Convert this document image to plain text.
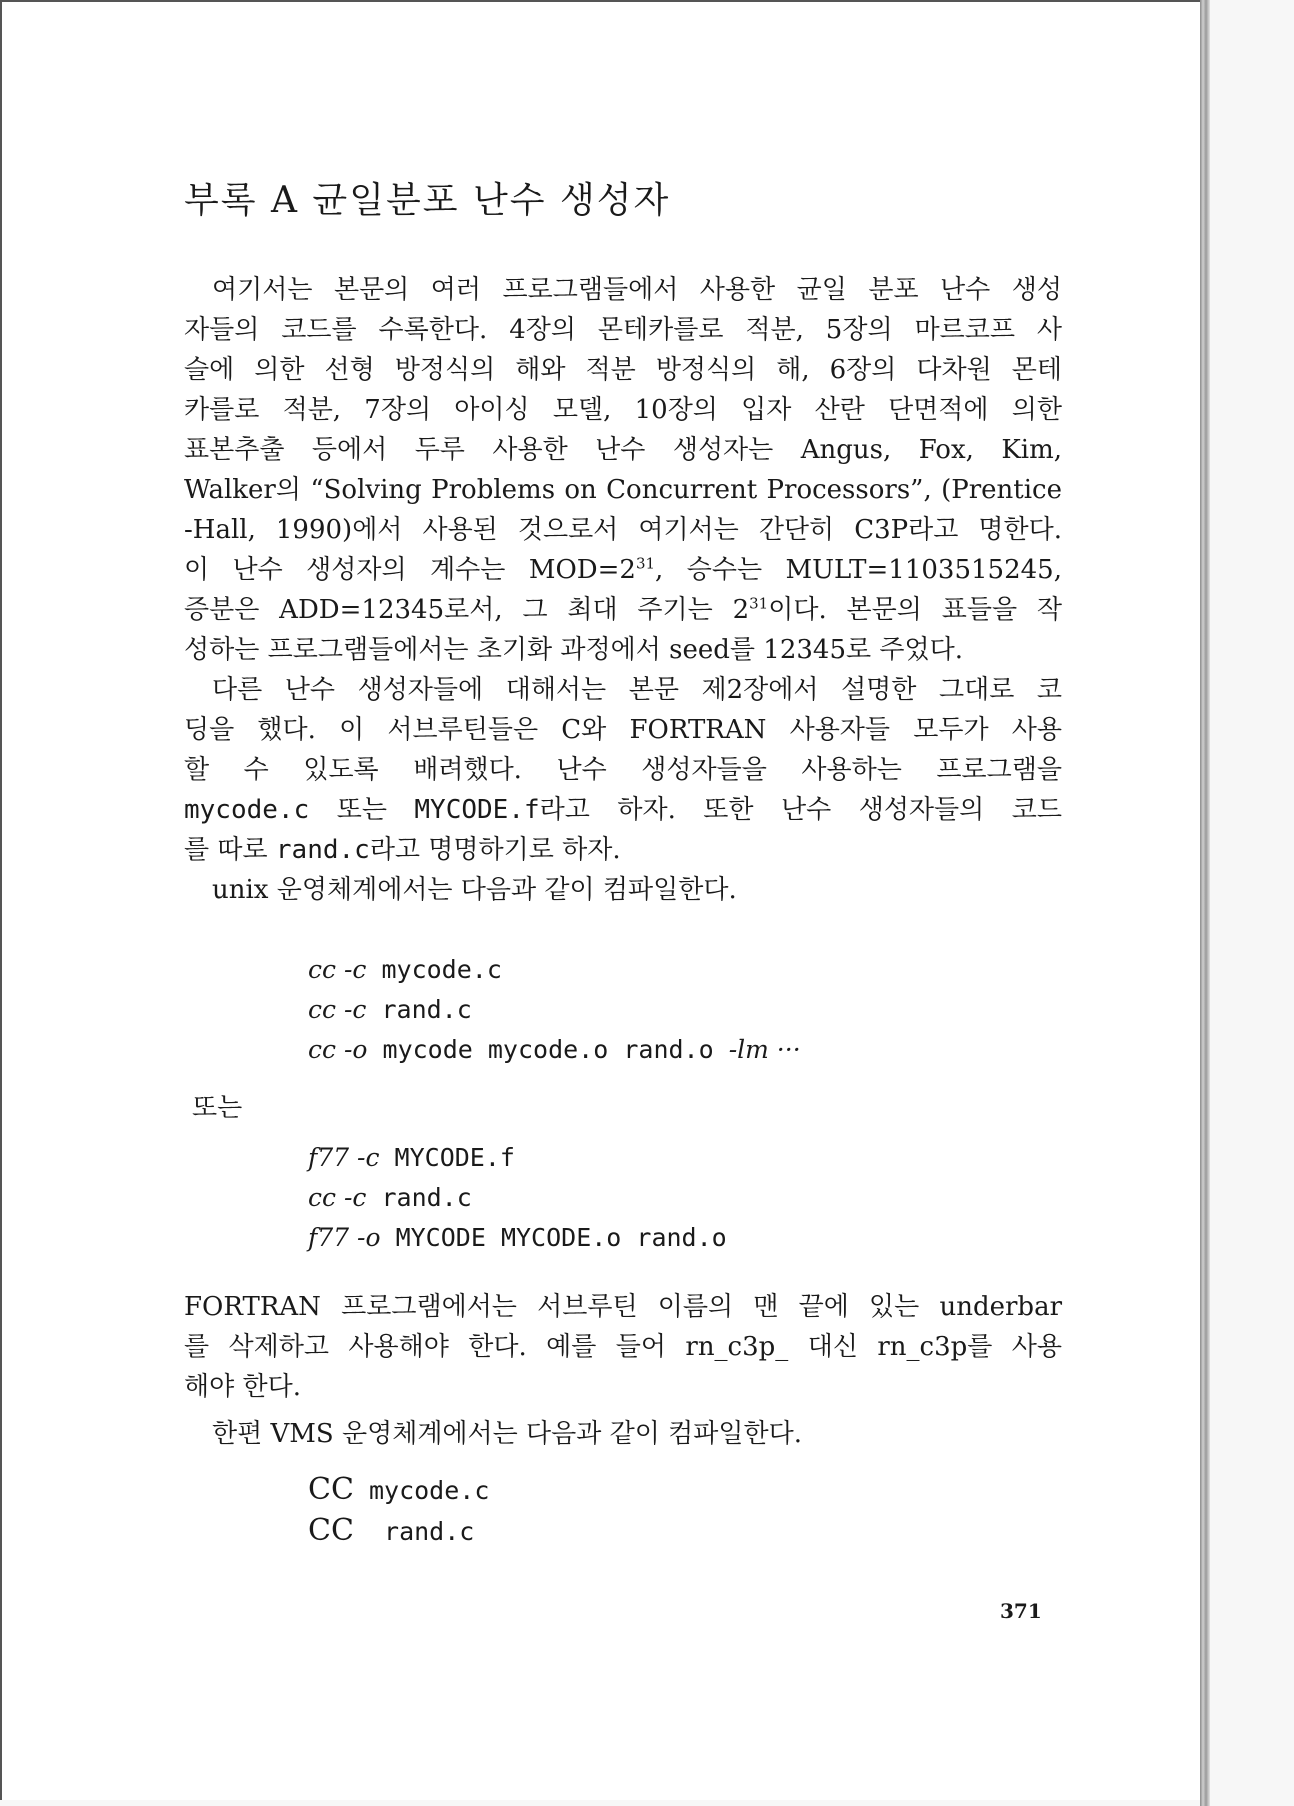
부록 A 균일분포 난수 생성자

여기서는 본문의 여러 프로그램들에서 사용한 균일 분포 난수 생성

자들의 코드를 수록한다. 4장의 몬테카를로 적분, 5장의 마르코프 사

슬에 의한 선형 방정식의 해와 적분 방정식의 해, 6장의 다차원 몬테

카를로 적분, 7장의 아이싱 모델, 10장의 입자 산란 단면적에 의한

표본추출 등에서 두루 사용한 난수 생성자는 Angus, Fox, Kim,

Walker의 “Solving Problems on Concurrent Processors”, (Prentice

-Hall, 1990)에서 사용된 것으로서 여기서는 간단히 C3P라고 명한다.

이 난수 생성자의 계수는 $MOD=2^{31}$, 승수는 MULT=1103515245,

증분은 ADD=12345로서, 그 최대 주기는 $2^{31}$이다. 본문의 표들을 작

성하는 프로그램들에서는 초기화 과정에서 seed를 12345로 주었다.

다른 난수 생성자들에 대해서는 본문 제2장에서 설명한 그대로 코

딩을 했다. 이 서브루틴들은 C와 FORTRAN 사용자들 모두가 사용

할 수 있도록 배려했다. 난수 생성자들을 사용하는 프로그램을

mycode.c 또는 MYCODE.f라고 하자. 또한 난수 생성자들의 코드

를 따로 rand.c라고 명명하기로 하자.

unix 운영체계에서는 다음과 같이 컴파일한다.

cc -c mycode.c
cc -c rand.c
cc -o mycode mycode.o rand.o -lm ···
또는
f77 -c MYCODE.f
cc -c rand.c
f77 -o MYCODE MYCODE.o rand.o

FORTRAN 프로그램에서는 서브루틴 이름의 맨 끝에 있는 underbar

를 삭제하고 사용해야 한다. 예를 들어 rn_c3p_ 대신 rn_c3p를 사용

해야 한다.

한편 VMS 운영체계에서는 다음과 같이 컴파일한다.

CC mycode.c
CC  rand.c
371
